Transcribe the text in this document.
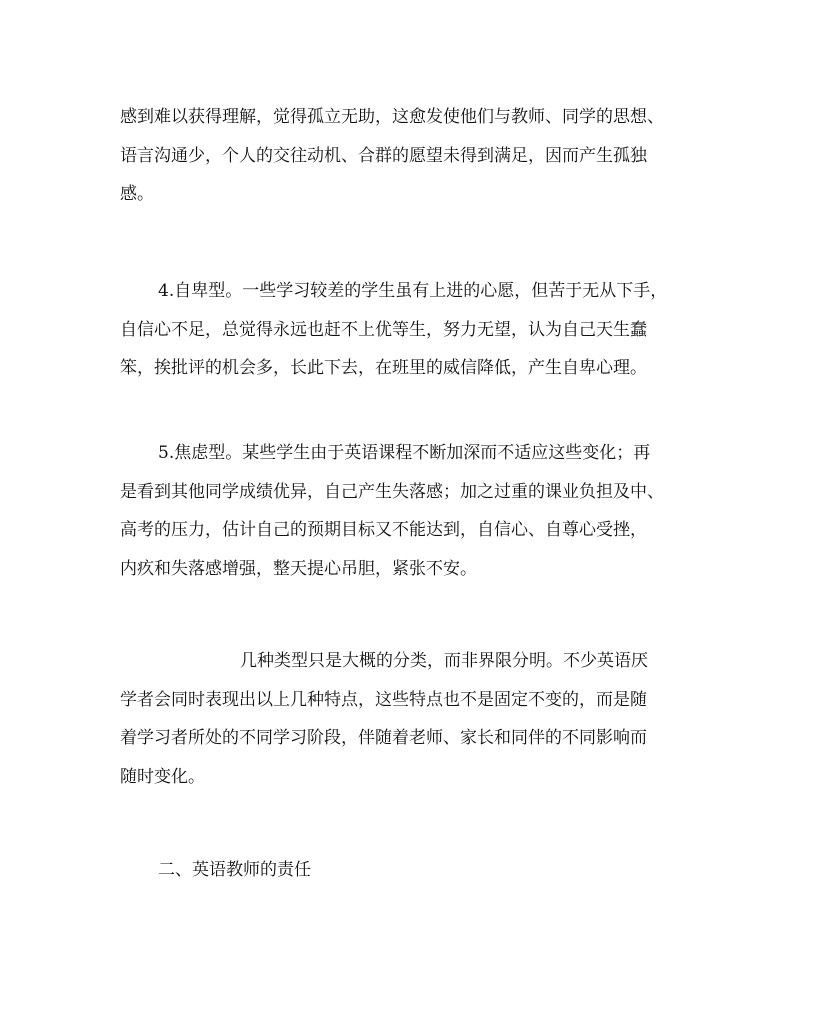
感到难以获得理解，觉得孤立无助，这愈发使他们与教师、同学的思想、
语言沟通少，个人的交往动机、合群的愿望未得到满足，因而产生孤独
感。

4.自卑型。一些学习较差的学生虽有上进的心愿，但苦于无从下手，
自信心不足，总觉得永远也赶不上优等生，努力无望，认为自己天生蠢
笨，挨批评的机会多，长此下去，在班里的威信降低，产生自卑心理。

5.焦虑型。某些学生由于英语课程不断加深而不适应这些变化；再
是看到其他同学成绩优异，自己产生失落感；加之过重的课业负担及中、
高考的压力，估计自己的预期目标又不能达到，自信心、自尊心受挫，
内疚和失落感增强，整天提心吊胆，紧张不安。

几种类型只是大概的分类，而非界限分明。不少英语厌
学者会同时表现出以上几种特点，这些特点也不是固定不变的，而是随
着学习者所处的不同学习阶段，伴随着老师、家长和同伴的不同影响而
随时变化。

二、英语教师的责任
